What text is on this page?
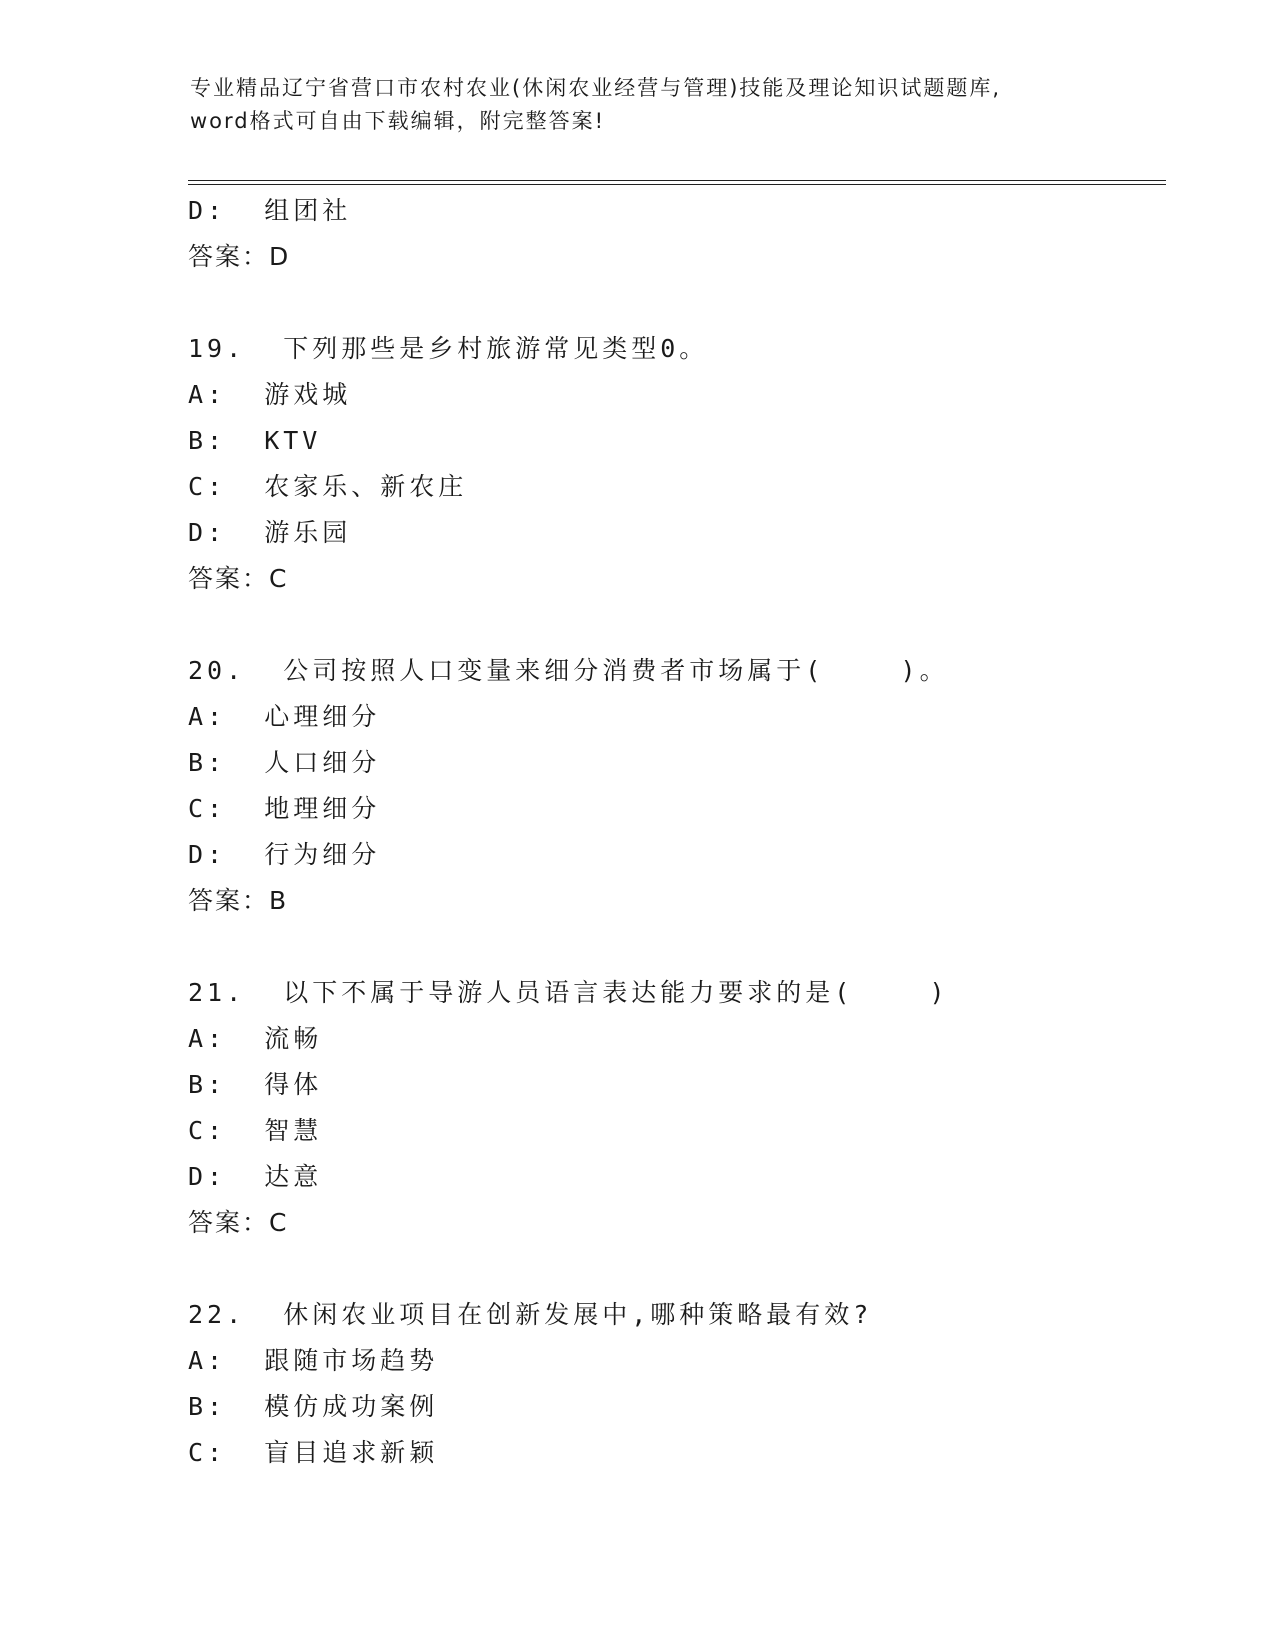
专业精品辽宁省营口市农村农业(休闲农业经营与管理)技能及理论知识试题题库,
word格式可自由下载编辑，附完整答案!
D:  组团社
答案：D
19.  下列那些是乡村旅游常见类型0。
A:  游戏城
B:  KTV
C:  农家乐、新农庄
D:  游乐园
答案：C
20.  公司按照人口变量来细分消费者市场属于(    )。
A:  心理细分
B:  人口细分
C:  地理细分
D:  行为细分
答案：B
21.  以下不属于导游人员语言表达能力要求的是(    )
A:  流畅
B:  得体
C:  智慧
D:  达意
答案：C
22.  休闲农业项目在创新发展中,哪种策略最有效?
A:  跟随市场趋势
B:  模仿成功案例
C:  盲目追求新颖
